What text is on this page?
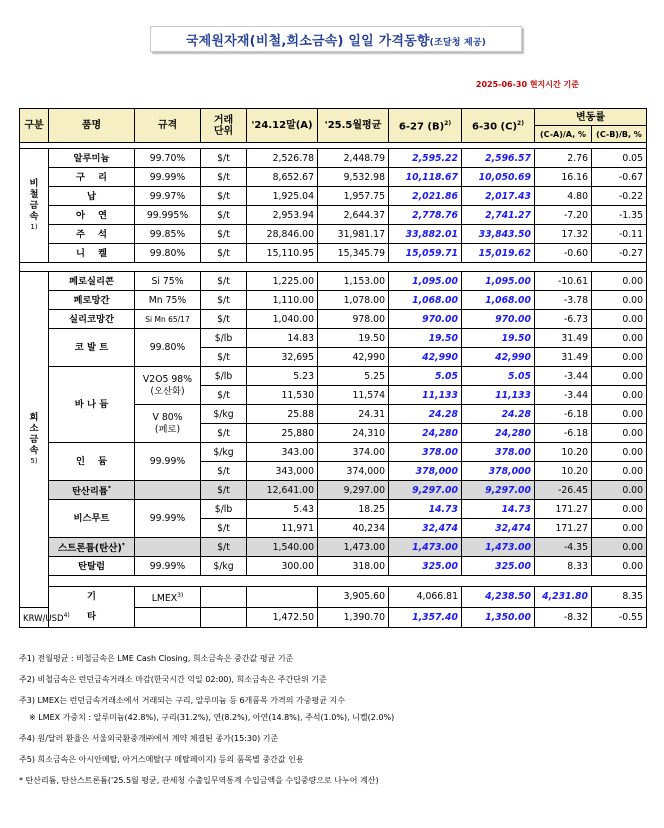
국제원자재(비철,희소금속) 일일 가격동향(조달청 제공)
2025-06-30 현지시간 기준
구분	품명	규격	거래
단위	'24.12말(A)	'25.5월평균	6-27 $(B)^{2)}$	6-30 $(C)^{2)}$	변동률		
								(C-A)/A, %	(C-B)/B, %	

비
철
금
속
1)	알루미늄	99.70%	$/t	2,526.78	2,448.79	2,595.22	2,596.57	2.76	0.05	
	구    리	99.99%	$/t	8,652.67	9,532.98	10,118.67	10,050.69	16.16	-0.67	
	납	99.97%	$/t	1,925.04	1,957.75	2,021.86	2,017.43	4.80	-0.22	
	아    연	99.995%	$/t	2,953.94	2,644.37	2,778.76	2,741.27	-7.20	-1.35	
	주    석	99.85%	$/t	28,846.00	31,981.17	33,882.01	33,843.50	17.32	-0.11	
	니    켈	99.80%	$/t	15,110.95	15,345.79	15,059.71	15,019.62	-0.60	-0.27	

희
소
금
속
5)	페로실리콘	Si 75%	$/t	1,225.00	1,153.00	1,095.00	1,095.00	-10.61	0.00	
	페로망간	Mn 75%	$/t	1,110.00	1,078.00	1,068.00	1,068.00	-3.78	0.00	
	실리코망간	Si Mn 65/17	$/t	1,040.00	978.00	970.00	970.00	-6.73	0.00	
	코 발 트	99.80%	$/lb	14.83	19.50	19.50	19.50	31.49	0.00	
			$/t	32,695	42,990	42,990	42,990	31.49	0.00	
	바 나 듐	V2O5 98%
(오산화)	$/lb	5.23	5.25	5.05	5.05	-3.44	0.00	
			$/t	11,530	11,574	11,133	11,133	-3.44	0.00	
		V 80%
(페로)	$/kg	25.88	24.31	24.28	24.28	-6.18	0.00	
			$/t	25,880	24,310	24,280	24,280	-6.18	0.00	
	인    듐	99.99%	$/kg	343.00	374.00	378.00	378.00	10.20	0.00	
			$/t	343,000	374,000	378,000	378,000	10.20	0.00	
	탄산리튬*		$/t	12,641.00	9,297.00	9,297.00	9,297.00	-26.45	0.00	
	비스무트	99.99%	$/lb	5.43	18.25	14.73	14.73	171.27	0.00	
			$/t	11,971	40,234	32,474	32,474	171.27	0.00	
	스트론튬(탄산)*		$/t	1,540.00	1,473.00	1,473.00	1,473.00	-4.35	0.00	
	탄탈럼	99.99%	$/kg	300.00	318.00	325.00	325.00	8.33	0.00	

	기
타	LMEX$^{3)}$			3,905.60	4,066.81	4,238.50	4,231.80	8.35	
KRW/USD$^{4)}$				1,472.50	1,390.70	1,357.40	1,350.00	-8.32	-0.55	
주1) 전월평균 : 비철금속은 LME Cash Closing, 희소금속은 중간값 평균 기준
주2) 비철금속은 런던금속거래소 마감(한국시간 익일 02:00), 희소금속은 주간단위 기준
주3) LMEX는 런던금속거래소에서 거래되는 구리, 알루미늄 등 6개품목 가격의 가중평균 지수
※ LMEX 가중치 : 알루미늄(42.8%), 구리(31.2%), 연(8.2%), 아연(14.8%), 주석(1.0%), 니켈(2.0%)
주4) 원/달러 환율은 서울외국환중개㈜에서 계약 체결된 종가(15:30) 기준
주5) 희소금속은 아시안메탈, 아거스메탈(구 메탈페이지) 등의 품목별 중간값 인용
* 탄산리튬, 탄산스트론튬('25.5월 평균, 관세청 수출입무역통계 수입금액을 수입중량으로 나누어 계산)
